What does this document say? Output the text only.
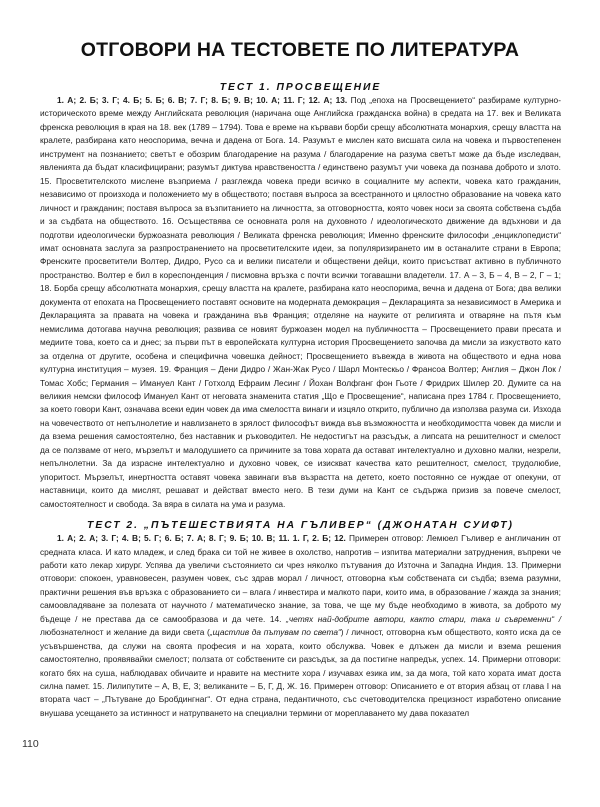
ОТГОВОРИ НА ТЕСТОВЕТЕ ПО ЛИТЕРАТУРА
ТЕСТ 1. ПРОСВЕЩЕНИЕ

1. А; 2. Б; 3. Г; 4. Б; 5. Б; 6. В; 7. Г; 8. Б; 9. В; 10. А; 11. Г; 12. А; 13. Под „епоха на Просвещението“ разбираме културно-историческото време между Английската революция (наричана още Английска гражданска война) в средата на 17. век и Великата френска революция в края на 18. век (1789 – 1794). Това е време на кървави борби срещу абсолютната монархия, срещу властта на кралете, разбирана като неоспорима, вечна и дадена от Бога. 14. Разумът е мислен като висшата сила на човека и първостепенен инструмент на познанието; светът е обозрим благодарение на разума / благодарение на разума светът може да бъде изследван, явленията да бъдат класифицирани; разумът диктува нравствеността / единствено разумът учи човека да познава доброто и злото. 15. Просветителското мислене възприема / разглежда човека преди всичко в социалните му аспекти, човека като гражданин, независимо от произхода и положението му в обществото; поставя въпроса за всестранното и цялостно образование на човека като личност и гражданин; поставя въпроса за възпитанието на личността, за отговорността, която човек носи за своята собствена съдба и за съдбата на обществото. 16. Осъществява се основната роля на духовното / идеологическото движение да вдъхнови и да подготви идеологически буржоазната революция / Великата френска революция; Именно френските философи „енциклопедисти“ имат основната заслуга за разпространението на просветителските идеи, за популяризирането им в останалите страни в Европа; Френските просветители Волтер, Дидро, Русо са и велики писатели и обществени дейци, които присъстват активно в публичното пространство. Волтер е бил в кореспонденция / писмовна връзка с почти всички тогавашни владетели. 17. А – 3, Б – 4, В – 2, Г – 1; 18. Борба срещу абсолютната монархия, срещу властта на кралете, разбирана като неоспорима, вечна и дадена от Бога; два велики документа от епохата на Просвещението поставят основите на модерната демокрация – Декларацията за независимост в Америка и Декларацията за правата на човека и гражданина във Франция; отделяне на науките от религията и отваряне на пътя към немислима дотогава научна революция; развива се новият буржоазен модел на публичността – Просвещението прави пресата и медиите това, което са и днес; за първи път в европейската културна история Просвещението започва да мисли за изкуството като за отделна от другите, особена и специфична човешка дейност; Просвещението въвежда в живота на обществото и една нова културна институция – музея. 19. Франция – Дени Дидро / Жан-Жак Русо / Шарл Монтескьо / Франсоа Волтер; Англия – Джон Лок /Томас Хобс; Германия – Имануел Кант / Готхолд Ефраим Лесинг / Йохан Волфганг фон Гьоте / Фридрих Шилер 20. Думите са на великия немски философ Имануел Кант от неговата знаменита статия „Що е Просвещение“, написана през 1784 г. Просвещението, за което говори Кант, означава всеки един човек да има смелостта винаги и изцяло открито, публично да използва разума си. Изхода на човечеството от непълнолетие и навлизането в зрялост философът вижда във възможността и необходимостта човек да мисли и да взема решения самостоятелно, без наставник и ръководител. Не недостигът на разсъдък, а липсата на решителност и смелост да се ползваме от него, мързелът и малодушието са причините за това хората да остават интелектуално и духовно малки, незрели, непълнолетни. За да израсне интелектуално и духовно човек, се изискват качества като решителност, смелост, трудолюбие, упоритост. Мързелът, инертността оставят човека завинаги във възрастта на детето, което постоянно се нуждае от опекуни, от наставници, които да мислят, решават и действат вместо него. В тези думи на Кант се съдържа призив за повече смелост, самостоятелност и свобода. За вяра в силата на ума и разума.

ТЕСТ 2. „ПЪТЕШЕСТВИЯТА НА ГЪЛИВЕР“ (ДЖОНАТАН СУИФТ)

1. А; 2. А; 3. Г; 4. В; 5. Г; 6. Б; 7. А; 8. Г; 9. Б; 10. В; 11. 1. Г, 2. Б; 12. Примерен отговор: Лемюел Гъливер е англичанин от средната класа. И като младеж, и след брака си той не живее в охолство, напротив – изпитва материални затруднения, въпреки че работи като лекар хирург. Успява да увеличи състоянието си чрез няколко пътувания до Източна и Западна Индия. 13. Примерни отговори: спокоен, уравновесен, разумен човек, със здрав морал / личност, отговорна към собствената си съдба; взема разумни, практични решения във връзка с образованието си – влага / инвестира и малкото пари, които има, в образование / жажда за знания; самоовладяване за полезата от научното / математическо знание, за това, че ще му бъде необходимо в живота, за доброто му бъдеще / не престава да се самообразова и да чете. 14. „четях най-добрите автори, както стари, така и съвременни“ / любознателност и желание да види света („щастлив да пътувам по света“) / личност, отговорна към обществото, която иска да се усъвършенства, да служи на своята професия и на хората, които обслужва. Човек е длъжен да мисли и взема решения самостоятелно, проявявайки смелост; ползата от собствените си разсъдък, за да постигне напредък, успех. 14. Примерни отговори: когато бях на суша, наблюдавах обичаите и нравите на местните хора / изучавах езика им, за да мога, той като хората имат доста силна памет. 15. Лилипутите – А, В, Е, З; великаните – Б, Г, Д, Ж. 16. Примерен отговор: Описанието е от втория абзац от глава I на втората част – „Пътуване до Бробдингнаг“. От една страна, педантичното, със счетоводителска прецизност изработено описание внушава усещането за истинност и натрупването на специални термини от мореплаването му дава показател

110
